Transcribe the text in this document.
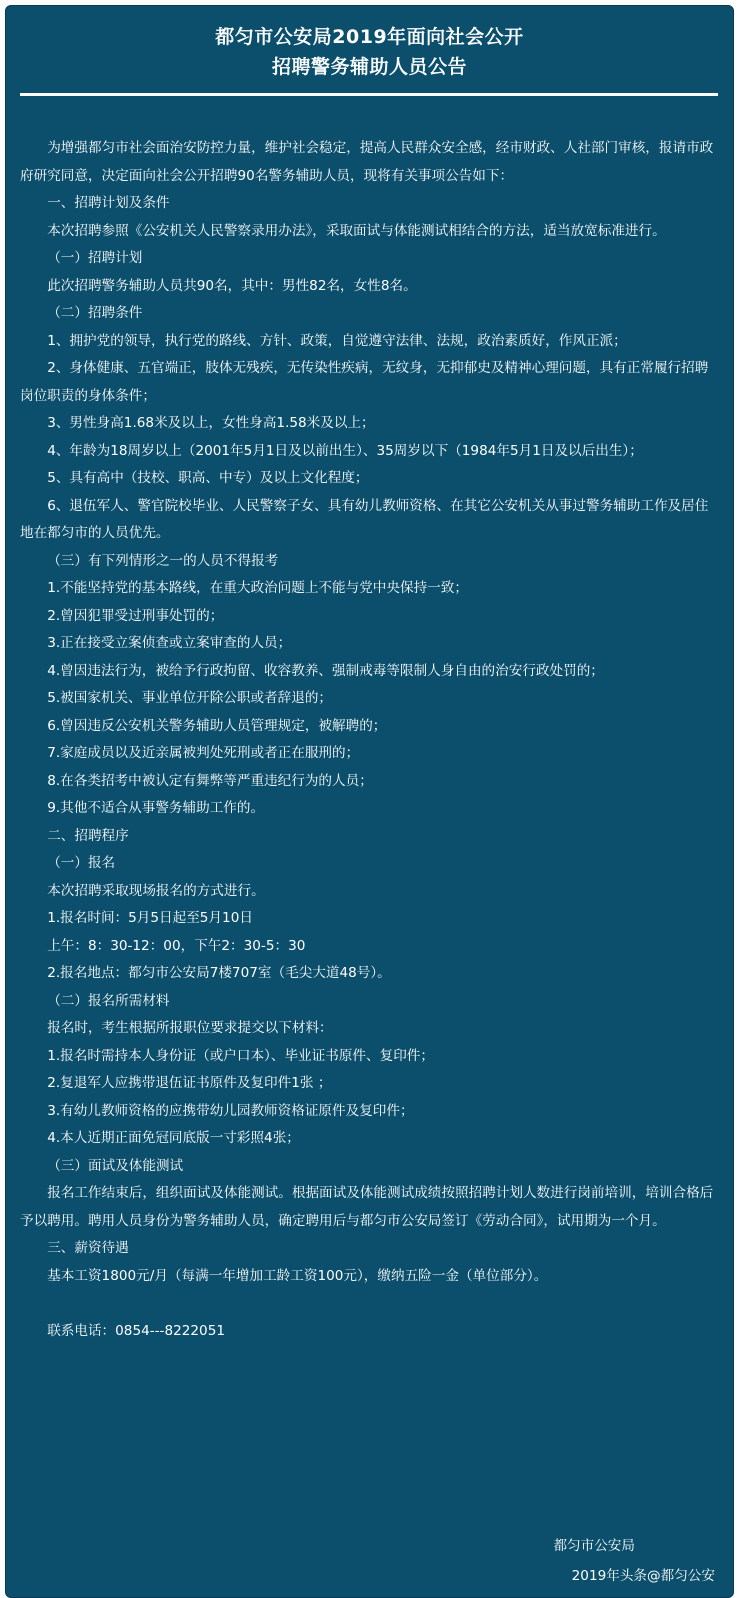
都匀市公安局2019年面向社会公开
招聘警务辅助人员公告

为增强都匀市社会面治安防控力量，维护社会稳定，提高人民群众安全感，经市财政、人社部门审核，报请市政府研究同意，决定面向社会公开招聘90名警务辅助人员，现将有关事项公告如下：

一、招聘计划及条件

本次招聘参照《公安机关人民警察录用办法》，采取面试与体能测试相结合的方法，适当放宽标准进行。

（一）招聘计划

此次招聘警务辅助人员共90名，其中：男性82名，女性8名。

（二）招聘条件

1、拥护党的领导，执行党的路线、方针、政策，自觉遵守法律、法规，政治素质好，作风正派；

2、身体健康、五官端正，肢体无残疾，无传染性疾病，无纹身，无抑郁史及精神心理问题，具有正常履行招聘岗位职责的身体条件；

3、男性身高1.68米及以上，女性身高1.58米及以上；

4、年龄为18周岁以上（2001年5月1日及以前出生）、35周岁以下（1984年5月1日及以后出生）；

5、具有高中（技校、职高、中专）及以上文化程度；

6、退伍军人、警官院校毕业、人民警察子女、具有幼儿教师资格、在其它公安机关从事过警务辅助工作及居住地在都匀市的人员优先。

（三）有下列情形之一的人员不得报考

1.不能坚持党的基本路线，在重大政治问题上不能与党中央保持一致；

2.曾因犯罪受过刑事处罚的；

3.正在接受立案侦查或立案审查的人员；

4.曾因违法行为，被给予行政拘留、收容教养、强制戒毒等限制人身自由的治安行政处罚的；

5.被国家机关、事业单位开除公职或者辞退的；

6.曾因违反公安机关警务辅助人员管理规定，被解聘的；

7.家庭成员以及近亲属被判处死刑或者正在服刑的；

8.在各类招考中被认定有舞弊等严重违纪行为的人员；

9.其他不适合从事警务辅助工作的。

二、招聘程序

（一）报名

本次招聘采取现场报名的方式进行。

1.报名时间：5月5日起至5月10日

上午：8：30-12：00，下午2：30-5：30

2.报名地点：都匀市公安局7楼707室（毛尖大道48号）。

（二）报名所需材料

报名时，考生根据所报职位要求提交以下材料：

1.报名时需持本人身份证（或户口本）、毕业证书原件、复印件；

2.复退军人应携带退伍证书原件及复印件1张 ；

3.有幼儿教师资格的应携带幼儿园教师资格证原件及复印件；

4.本人近期正面免冠同底版一寸彩照4张；

（三）面试及体能测试

报名工作结束后，组织面试及体能测试。根据面试及体能测试成绩按照招聘计划人数进行岗前培训，培训合格后予以聘用。聘用人员身份为警务辅助人员，确定聘用后与都匀市公安局签订《劳动合同》，试用期为一个月。

三、薪资待遇

基本工资1800元/月（每满一年增加工龄工资100元），缴纳五险一金（单位部分）。

联系电话：0854---8222051

都匀市公安局
2019年头条@都匀公安
